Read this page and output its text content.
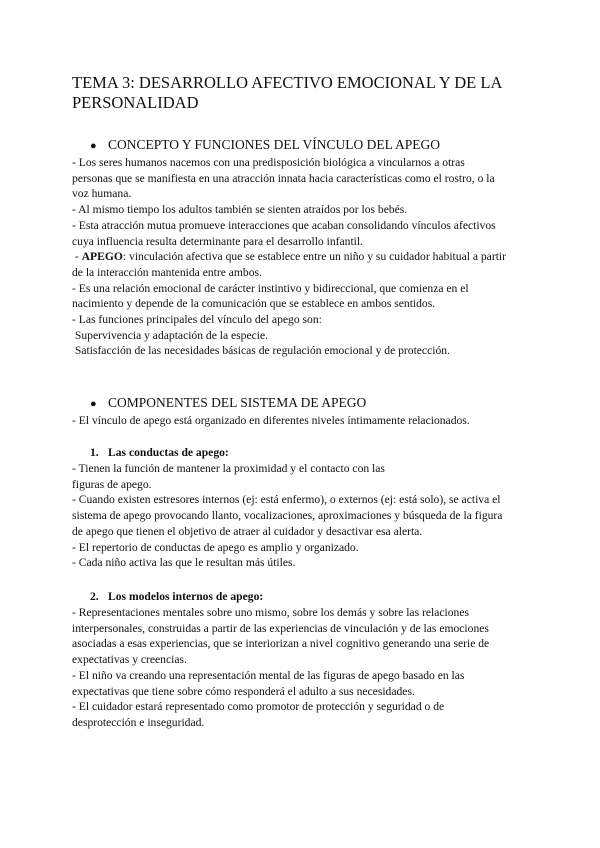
TEMA 3: DESARROLLO AFECTIVO EMOCIONAL Y DE LA
PERSONALIDAD
● CONCEPTO Y FUNCIONES DEL VÍNCULO DEL APEGO

- Los seres humanos nacemos con una predisposición biológica a vincularnos a otras

personas que se manifiesta en una atracción innata hacia características como el rostro, o la

voz humana.

- Al mismo tiempo los adultos también se sienten atraídos por los bebés.

- Esta atracción mutua promueve interacciones que acaban consolidando vínculos afectivos

cuya influencia resulta determinante para el desarrollo infantil.

- APEGO: vinculación afectiva que se establece entre un niño y su cuidador habitual a partir

de la interacción mantenida entre ambos.

- Es una relación emocional de carácter instintivo y bidireccional, que comienza en el

nacimiento y depende de la comunicación que se establece en ambos sentidos.

- Las funciones principales del vínculo del apego son:

Supervivencia y adaptación de la especie.

Satisfacción de las necesidades básicas de regulación emocional y de protección.

● COMPONENTES DEL SISTEMA DE APEGO

- El vínculo de apego está organizado en diferentes niveles íntimamente relacionados.

1. Las conductas de apego:

- Tienen la función de mantener la proximidad y el contacto con las

figuras de apego.

- Cuando existen estresores internos (ej: está enfermo), o externos (ej: está solo), se activa el

sistema de apego provocando llanto, vocalizaciones, aproximaciones y búsqueda de la figura

de apego que tienen el objetivo de atraer al cuidador y desactivar esa alerta.

- El repertorio de conductas de apego es amplio y organizado.

- Cada niño activa las que le resultan más útiles.

2. Los modelos internos de apego:

- Representaciones mentales sobre uno mismo, sobre los demás y sobre las relaciones

interpersonales, construidas a partir de las experiencias de vinculación y de las emociones

asociadas a esas experiencias, que se interiorizan a nivel cognitivo generando una serie de

expectativas y creencias.

- El niño va creando una representación mental de las figuras de apego basado en las

expectativas que tiene sobre cómo responderá el adulto a sus necesidades.

- El cuidador estará representado como promotor de protección y seguridad o de

desprotección e inseguridad.
